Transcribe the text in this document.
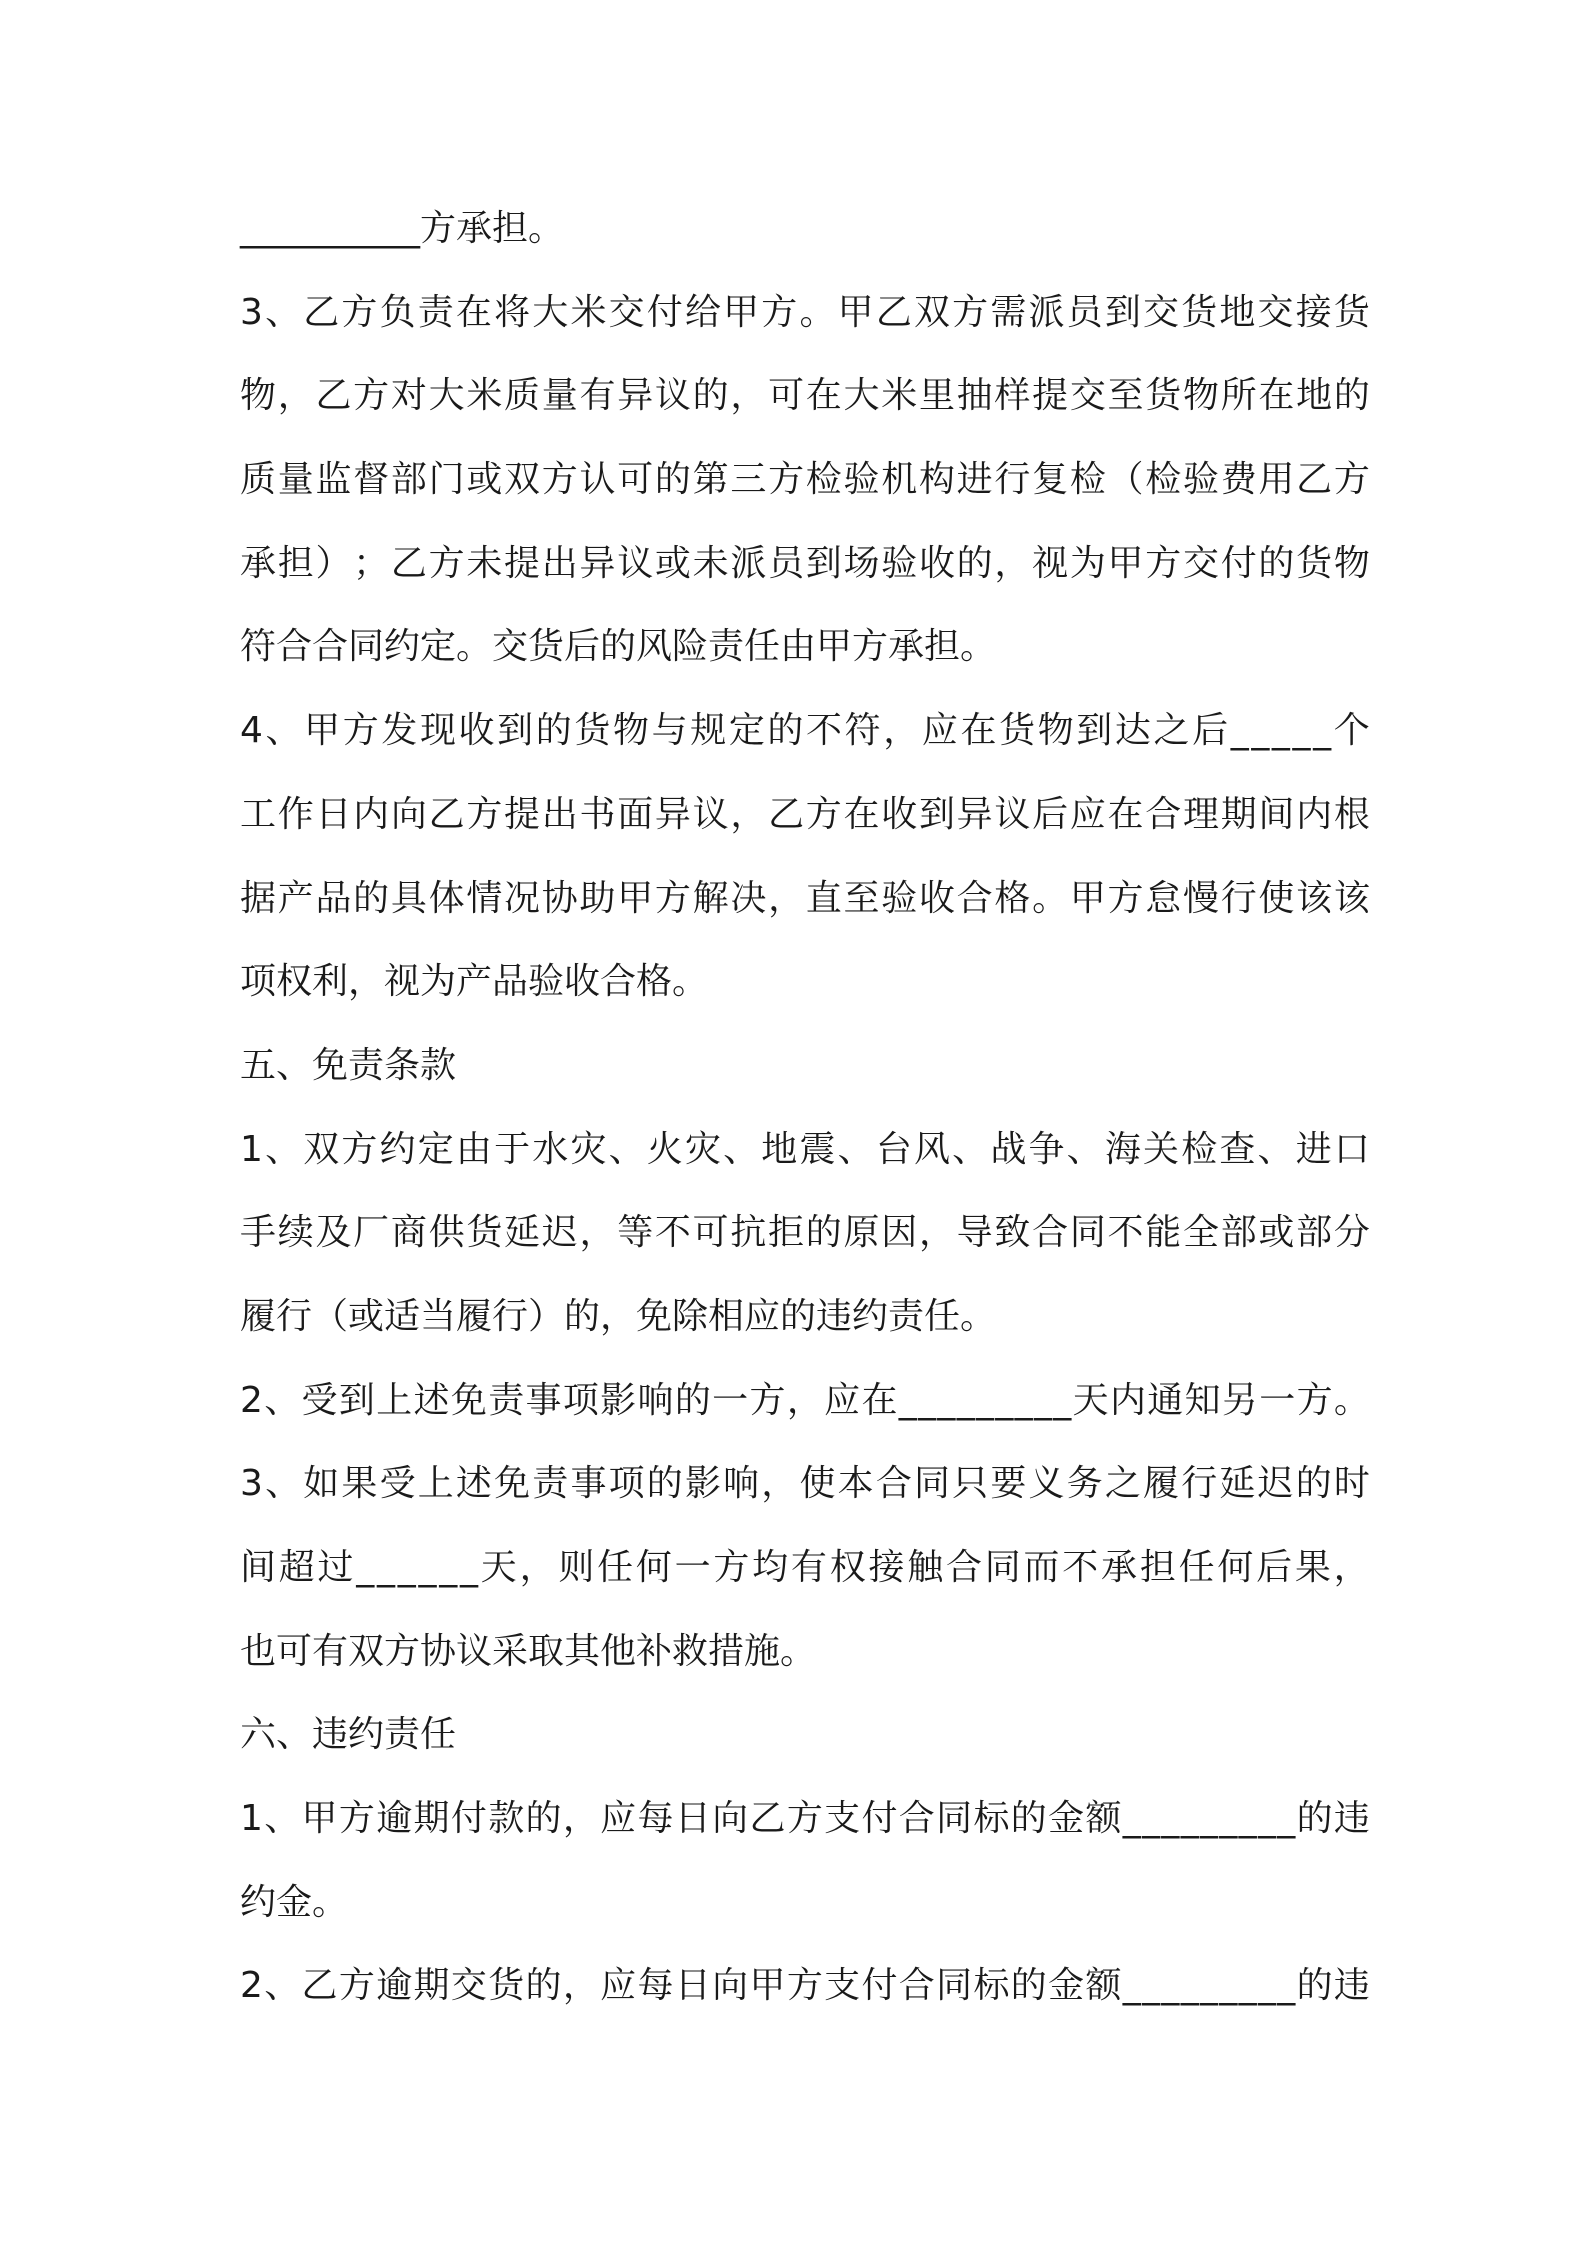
__________方承担。
3 、 乙 方 负 责 在 将 大 米 交 付 给 甲 方 。 甲 乙 双 方 需 派 员 到 交 货 地 交 接 货
物 ， 乙 方 对 大 米 质 量 有 异 议 的 ， 可 在 大 米 里 抽 样 提 交 至 货 物 所 在 地 的
质 量 监 督 部 门 或 双 方 认 可 的 第 三 方 检 验 机 构 进 行 复 检 （ 检 验 费 用 乙 方
承 担 ） ； 乙 方 未 提 出 异 议 或 未 派 员 到 场 验 收 的 ， 视 为 甲 方 交 付 的 货 物
符合合同约定。交货后的风险责任由甲方承担。
4 、 甲 方 发 现 收 到 的 货 物 与 规 定 的 不 符 ， 应 在 货 物 到 达 之 后 _ _ _ _ _ 个
工 作 日 内 向 乙 方 提 出 书 面 异 议 ， 乙 方 在 收 到 异 议 后 应 在 合 理 期 间 内 根
据 产 品 的 具 体 情 况 协 助 甲 方 解 决 ， 直 至 验 收 合 格 。 甲 方 怠 慢 行 使 该 该
项权利，视为产品验收合格。
五、免责条款
1 、 双 方 约 定 由 于 水 灾 、 火 灾 、 地 震 、 台 风 、 战 争 、 海 关 检 查 、 进 口
手 续 及 厂 商 供 货 延 迟 ， 等 不 可 抗 拒 的 原 因 ， 导 致 合 同 不 能 全 部 或 部 分
履行（或适当履行）的，免除相应的违约责任。
2 、 受 到 上 述 免 责 事 项 影 响 的 一 方 ， 应 在 _ _ _ _ _ _ _ _ _ 天 内 通 知 另 一 方 。
3 、 如 果 受 上 述 免 责 事 项 的 影 响 ， 使 本 合 同 只 要 义 务 之 履 行 延 迟 的 时
间 超 过 _ _ _ _ _ _ 天 ， 则 任 何 一 方 均 有 权 接 触 合 同 而 不 承 担 任 何 后 果 ，
也可有双方协议采取其他补救措施。
六、违约责任
1 、 甲 方 逾 期 付 款 的 ， 应 每 日 向 乙 方 支 付 合 同 标 的 金 额 _ _ _ _ _ _ _ _ _ 的 违
约金。
2 、 乙 方 逾 期 交 货 的 ， 应 每 日 向 甲 方 支 付 合 同 标 的 金 额 _ _ _ _ _ _ _ _ _ 的 违
